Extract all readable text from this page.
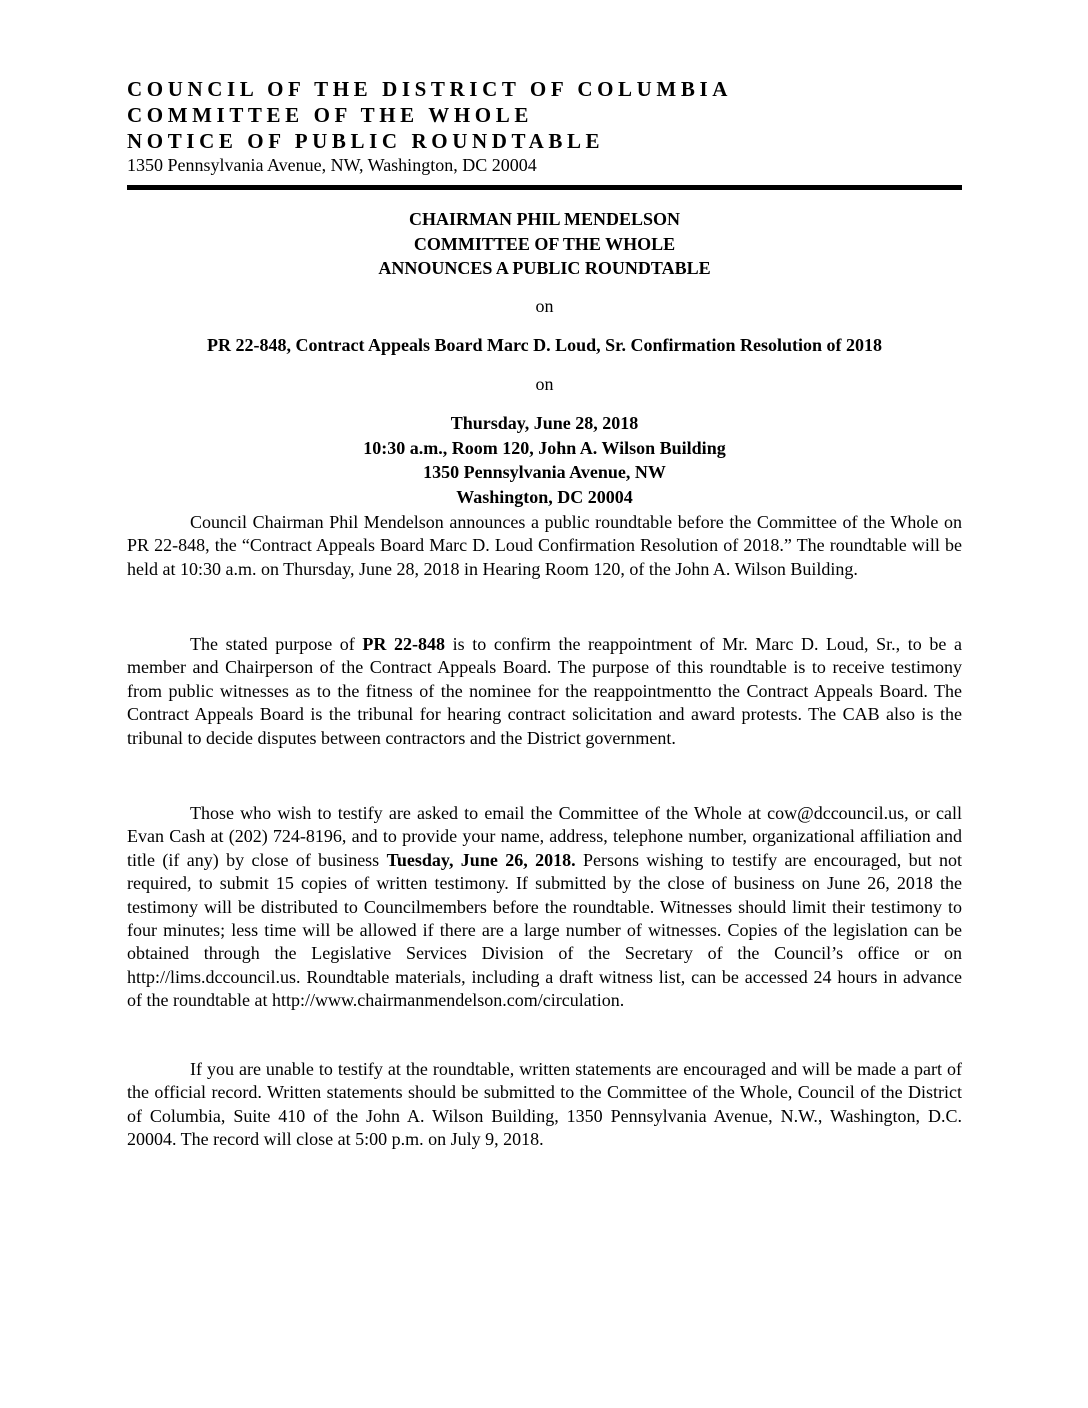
COUNCIL OF THE DISTRICT OF COLUMBIA
COMMITTEE OF THE WHOLE
NOTICE OF PUBLIC ROUNDTABLE
1350 Pennsylvania Avenue, NW, Washington, DC 20004
CHAIRMAN PHIL MENDELSON
COMMITTEE OF THE WHOLE
ANNOUNCES A PUBLIC ROUNDTABLE
on
PR 22-848, Contract Appeals Board Marc D. Loud, Sr. Confirmation Resolution of 2018
on
Thursday, June 28, 2018
10:30 a.m., Room 120, John A. Wilson Building
1350 Pennsylvania Avenue, NW
Washington, DC 20004

Council Chairman Phil Mendelson announces a public roundtable before the Committee of the Whole on PR 22-848, the “Contract Appeals Board Marc D. Loud Confirmation Resolution of 2018.” The roundtable will be held at 10:30 a.m. on Thursday, June 28, 2018 in Hearing Room 120, of the John A. Wilson Building.

The stated purpose of PR 22-848 is to confirm the reappointment of Mr. Marc D. Loud, Sr., to be a member and Chairperson of the Contract Appeals Board. The purpose of this roundtable is to receive testimony from public witnesses as to the fitness of the nominee for the reappointmentto the Contract Appeals Board. The Contract Appeals Board is the tribunal for hearing contract solicitation and award protests. The CAB also is the tribunal to decide disputes between contractors and the District government.

Those who wish to testify are asked to email the Committee of the Whole at cow@dccouncil.us, or call Evan Cash at (202) 724-8196, and to provide your name, address, telephone number, organizational affiliation and title (if any) by close of business Tuesday, June 26, 2018. Persons wishing to testify are encouraged, but not required, to submit 15 copies of written testimony. If submitted by the close of business on June 26, 2018 the testimony will be distributed to Councilmembers before the roundtable. Witnesses should limit their testimony to four minutes; less time will be allowed if there are a large number of witnesses. Copies of the legislation can be obtained through the Legislative Services Division of the Secretary of the Council’s office or on http://lims.dccouncil.us. Roundtable materials, including a draft witness list, can be accessed 24 hours in advance of the roundtable at http://www.chairmanmendelson.com/circulation.

If you are unable to testify at the roundtable, written statements are encouraged and will be made a part of the official record. Written statements should be submitted to the Committee of the Whole, Council of the District of Columbia, Suite 410 of the John A. Wilson Building, 1350 Pennsylvania Avenue, N.W., Washington, D.C. 20004. The record will close at 5:00 p.m. on July 9, 2018.
